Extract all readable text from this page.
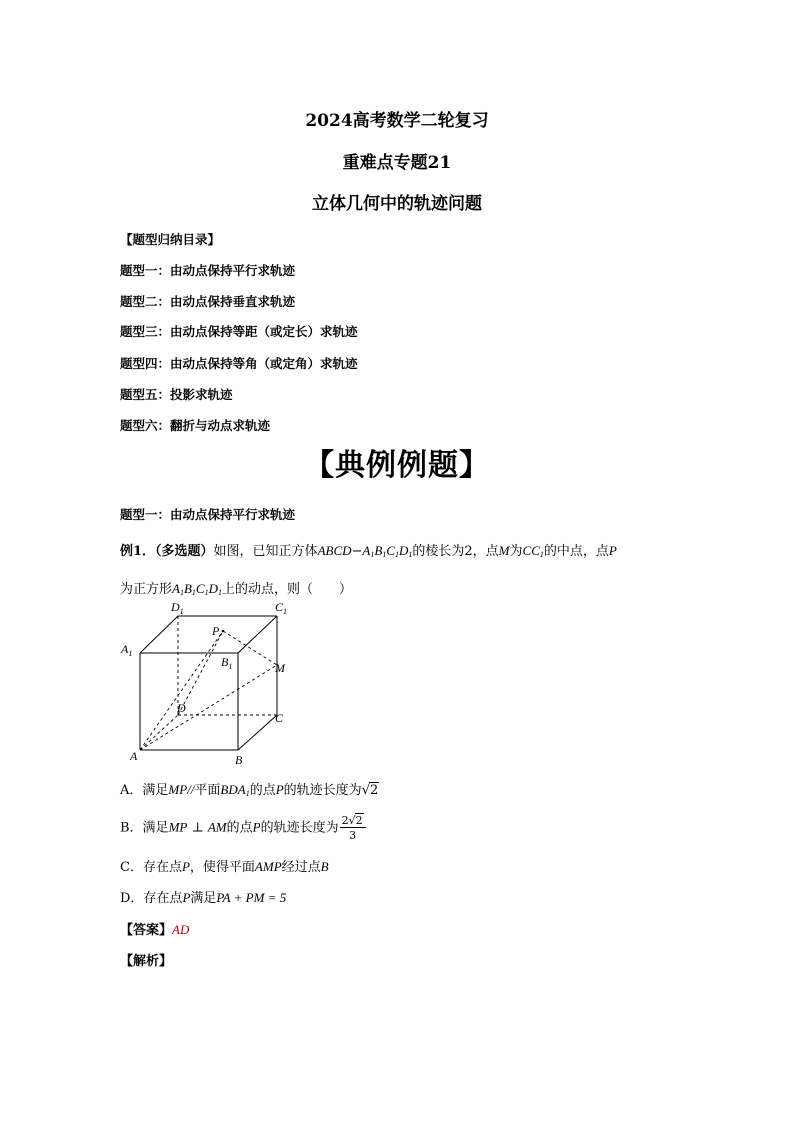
2024高考数学二轮复习
重难点专题21
立体几何中的轨迹问题
【题型归纳目录】
题型一：由动点保持平行求轨迹
题型二：由动点保持垂直求轨迹
题型三：由动点保持等距（或定长）求轨迹
题型四：由动点保持等角（或定角）求轨迹
题型五：投影求轨迹
题型六：翻折与动点求轨迹
【典例例题】
题型一：由动点保持平行求轨迹
例1．（多选题）如图，已知正方体$ABCD-A_1B_1C_1D_1$的棱长为2，点M为$CC_1$的中点，点P
为正方形$A_1B_1C_1D_1$上的动点，则（　　）
$D_1$	$C_1$
$A_1$
$B_1$
P
M
D
C
A	B
A．满足MP//平面$BDA_1$的点P的轨迹长度为√2
B．满足MP ⊥ AM的点P的轨迹长度为 $\frac{2√2}{3}$
C．存在点P，使得平面AMP经过点B
D．存在点P满足PA + PM = 5
【答案】AD
【解析】
